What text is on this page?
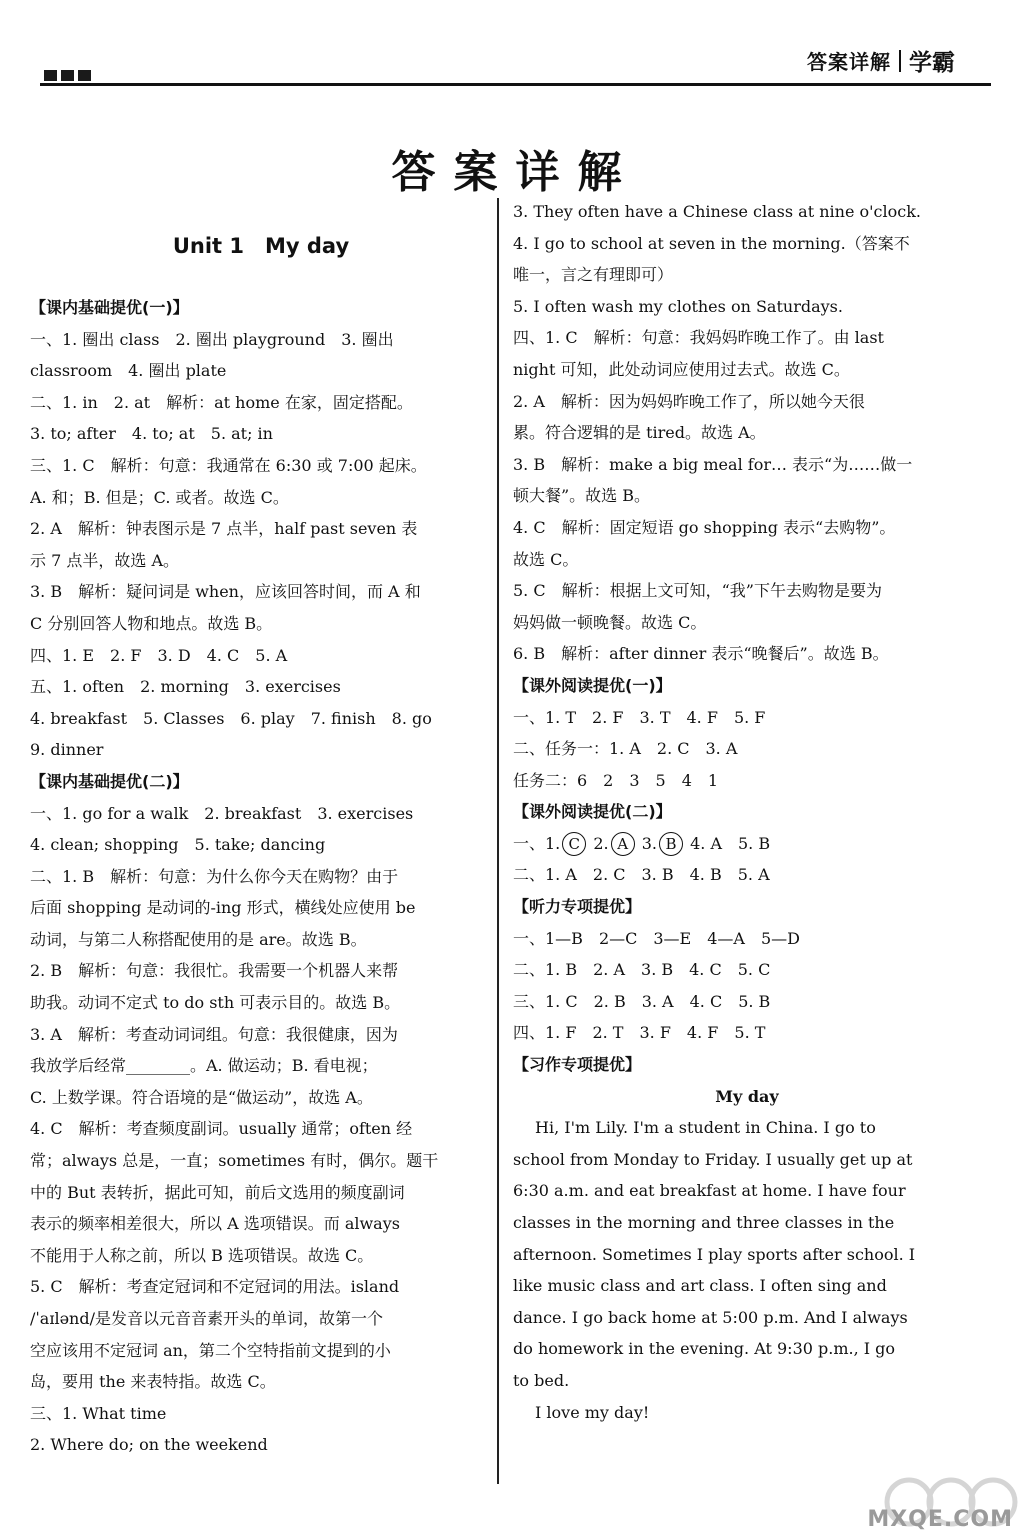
答案详解 学霸
答案详解
Unit 1　My day
【课内基础提优(一)】
一、1. 圈出 class　2. 圈出 playground　3. 圈出
classroom　4. 圈出 plate
二、1. in　2. at　解析：at home 在家，固定搭配。
3. to; after　4. to; at　5. at; in
三、1. C　解析：句意：我通常在 6:30 或 7:00 起床。
A. 和；B. 但是；C. 或者。故选 C。
2. A　解析：钟表图示是 7 点半，half past seven 表
示 7 点半，故选 A。
3. B　解析：疑问词是 when，应该回答时间，而 A 和
C 分别回答人物和地点。故选 B。
四、1. E　2. F　3. D　4. C　5. A
五、1. often　2. morning　3. exercises
4. breakfast　5. Classes　6. play　7. finish　8. go
9. dinner
【课内基础提优(二)】
一、1. go for a walk　2. breakfast　3. exercises
4. clean; shopping　5. take; dancing
二、1. B　解析：句意：为什么你今天在购物？由于
后面 shopping 是动词的-ing 形式，横线处应使用 be
动词，与第二人称搭配使用的是 are。故选 B。
2. B　解析：句意：我很忙。我需要一个机器人来帮
助我。动词不定式 to do sth 可表示目的。故选 B。
3. A　解析：考查动词词组。句意：我很健康，因为
我放学后经常________。A. 做运动；B. 看电视；
C. 上数学课。符合语境的是“做运动”，故选 A。
4. C　解析：考查频度副词。usually 通常；often 经
常；always 总是，一直；sometimes 有时，偶尔。题干
中的 But 表转折，据此可知，前后文选用的频度副词
表示的频率相差很大，所以 A 选项错误。而 always
不能用于人称之前，所以 B 选项错误。故选 C。
5. C　解析：考查定冠词和不定冠词的用法。island
/ˈaɪlənd/是发音以元音音素开头的单词，故第一个
空应该用不定冠词 an，第二个空特指前文提到的小
岛，要用 the 来表特指。故选 C。
三、1. What time
2. Where do; on the weekend
3. They often have a Chinese class at nine o'clock.
4. I go to school at seven in the morning.（答案不
唯一，言之有理即可）
5. I often wash my clothes on Saturdays.
四、1. C　解析：句意：我妈妈昨晚工作了。由 last
night 可知，此处动词应使用过去式。故选 C。
2. A　解析：因为妈妈昨晚工作了，所以她今天很
累。符合逻辑的是 tired。故选 A。
3. B　解析：make a big meal for… 表示“为……做一
顿大餐”。故选 B。
4. C　解析：固定短语 go shopping 表示“去购物”。
故选 C。
5. C　解析：根据上文可知，“我”下午去购物是要为
妈妈做一顿晚餐。故选 C。
6. B　解析：after dinner 表示“晚餐后”。故选 B。
【课外阅读提优(一)】
一、1. T　2. F　3. T　4. F　5. F
二、任务一：1. A　2. C　3. A
任务二：6　2　3　5　4　1
【课外阅读提优(二)】
一、1. C 2. A 3. B 4. A　5. B
二、1. A　2. C　3. B　4. B　5. A
【听力专项提优】
一、1—B　2—C　3—E　4—A　5—D
二、1. B　2. A　3. B　4. C　5. C
三、1. C　2. B　3. A　4. C　5. B
四、1. F　2. T　3. F　4. F　5. T
【习作专项提优】
My day
Hi, I'm Lily. I'm a student in China. I go to
school from Monday to Friday. I usually get up at
6:30 a.m. and eat breakfast at home. I have four
classes in the morning and three classes in the
afternoon. Sometimes I play sports after school. I
like music class and art class. I often sing and
dance. I go back home at 5:00 p.m. And I always
do homework in the evening. At 9:30 p.m., I go
to bed.
I love my day!
MXQE.COM
